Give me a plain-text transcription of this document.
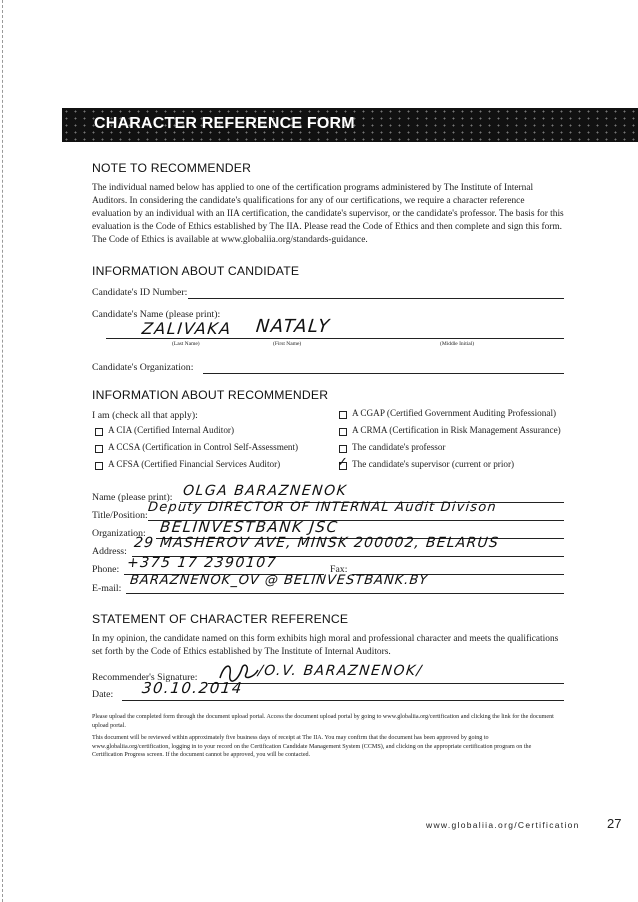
CHARACTER REFERENCE FORM
NOTE TO RECOMMENDER
The individual named below has applied to one of the certification programs administered by The Institute of Internal Auditors. In considering the candidate's qualifications for any of our certifications, we require a character reference evaluation by an individual with an IIA certification, the candidate's supervisor, or the candidate's professor. The basis for this evaluation is the Code of Ethics established by The IIA. Please read the Code of Ethics and then complete and sign this form. The Code of Ethics is available at www.globaliia.org/standards-guidance.
INFORMATION ABOUT CANDIDATE
Candidate's ID Number:
Candidate's Name (please print):
ZALIVAKA NATALY
(Last Name)	(First Name)	(Middle Initial)
Candidate's Organization:
INFORMATION ABOUT RECOMMENDER
I am (check all that apply):	A CGAP (Certified Government Auditing Professional)
A CIA (Certified Internal Auditor)	A CRMA (Certification in Risk Management Assurance)
A CCSA (Certification in Control Self-Assessment)	The candidate's professor
A CFSA (Certified Financial Services Auditor)	✓ The candidate's supervisor (current or prior)
Name (please print): OLGA BARAZNENOK
Title/Position:
Deputy DIRECTOR OF INTERNAL Audit Divison
Organization: BELINVESTBANK JSC
Address:
29 MASHEROV AVE, MINSK 200002, BELARUS
Phone: +375 17 2390107	Fax:
E-mail:
BARAZNENOK_OV @ BELINVESTBANK.BY
STATEMENT OF CHARACTER REFERENCE
In my opinion, the candidate named on this form exhibits high moral and professional character and meets the qualifications set forth by the Code of Ethics established by The Institute of Internal Auditors.
Recommender's Signature:	/O.V. BARAZNENOK/
Date: 30.10.2014
Please upload the completed form through the document upload portal. Access the document upload portal by going to www.globaliia.org/certification and clicking the link for the document upload portal.
This document will be reviewed within approximately five business days of receipt at The IIA. You may confirm that the document has been approved by going to www.globaliia.org/certification, logging in to your record on the Certification Candidate Management System (CCMS), and clicking on the appropriate certification program on the Certification Progress screen. If the document cannot be approved, you will be contacted.
www.globaliia.org/Certification 27
